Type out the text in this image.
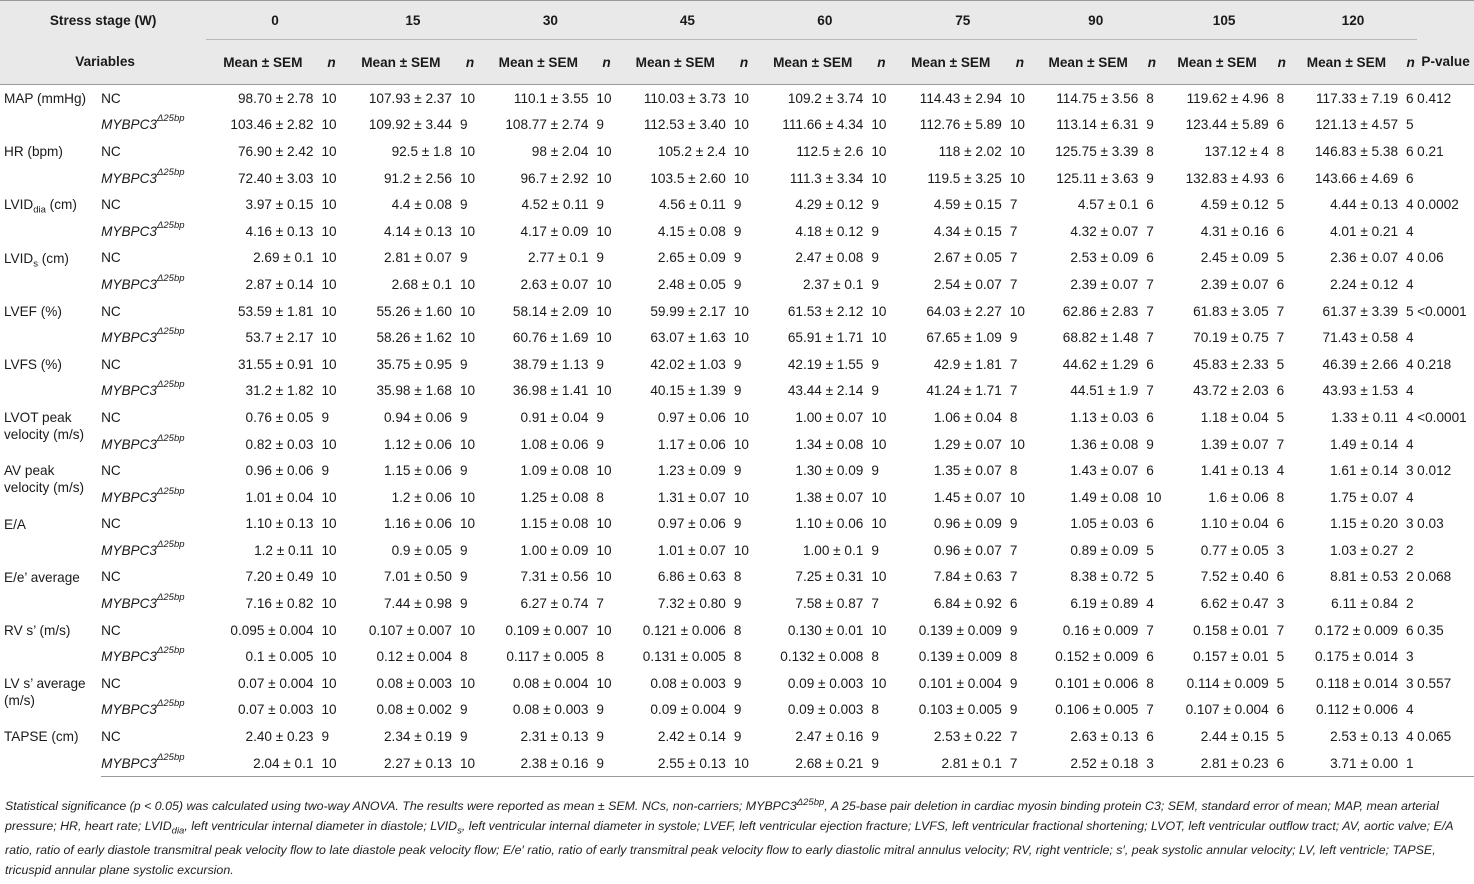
Stress stage (W)		0		15		30		45		60		75		90		105		120		
Variables		Mean ± SEM	n	Mean ± SEM	n	Mean ± SEM	n	Mean ± SEM	n	Mean ± SEM	n	Mean ± SEM	n	Mean ± SEM	n	Mean ± SEM	n	Mean ± SEM	n	P-value
MAP (mmHg)	NC	98.70 ± 2.78	10	107.93 ± 2.37	10	110.1 ± 3.55	10	110.03 ± 3.73	10	109.2 ± 3.74	10	114.43 ± 2.94	10	114.75 ± 3.56	8	119.62 ± 4.96	8	117.33 ± 7.19	6	0.412
	$MYBPC3^{\Delta 25bp}$	103.46 ± 2.82	10	109.92 ± 3.44	9	108.77 ± 2.74	9	112.53 ± 3.40	10	111.66 ± 4.34	10	112.76 ± 5.89	10	113.14 ± 6.31	9	123.44 ± 5.89	6	121.13 ± 4.57	5	
HR (bpm)	NC	76.90 ± 2.42	10	92.5 ± 1.8	10	98 ± 2.04	10	105.2 ± 2.4	10	112.5 ± 2.6	10	118 ± 2.02	10	125.75 ± 3.39	8	137.12 ± 4	8	146.83 ± 5.38	6	0.21
	$MYBPC3^{\Delta 25bp}$	72.40 ± 3.03	10	91.2 ± 2.56	10	96.7 ± 2.92	10	103.5 ± 2.60	10	111.3 ± 3.34	10	119.5 ± 3.25	10	125.11 ± 3.63	9	132.83 ± 4.93	6	143.66 ± 4.69	6	
$LVID_{dia}$ (cm)	NC	3.97 ± 0.15	10	4.4 ± 0.08	9	4.52 ± 0.11	9	4.56 ± 0.11	9	4.29 ± 0.12	9	4.59 ± 0.15	7	4.57 ± 0.1	6	4.59 ± 0.12	5	4.44 ± 0.13	4	0.0002
	$MYBPC3^{\Delta 25bp}$	4.16 ± 0.13	10	4.14 ± 0.13	10	4.17 ± 0.09	10	4.15 ± 0.08	9	4.18 ± 0.12	9	4.34 ± 0.15	7	4.32 ± 0.07	7	4.31 ± 0.16	6	4.01 ± 0.21	4	
$LVID_s$ (cm)	NC	2.69 ± 0.1	10	2.81 ± 0.07	9	2.77 ± 0.1	9	2.65 ± 0.09	9	2.47 ± 0.08	9	2.67 ± 0.05	7	2.53 ± 0.09	6	2.45 ± 0.09	5	2.36 ± 0.07	4	0.06
	$MYBPC3^{\Delta 25bp}$	2.87 ± 0.14	10	2.68 ± 0.1	10	2.63 ± 0.07	10	2.48 ± 0.05	9	2.37 ± 0.1	9	2.54 ± 0.07	7	2.39 ± 0.07	7	2.39 ± 0.07	6	2.24 ± 0.12	4	
LVEF (%)	NC	53.59 ± 1.81	10	55.26 ± 1.60	10	58.14 ± 2.09	10	59.99 ± 2.17	10	61.53 ± 2.12	10	64.03 ± 2.27	10	62.86 ± 2.83	7	61.83 ± 3.05	7	61.37 ± 3.39	5	<0.0001
	$MYBPC3^{\Delta 25bp}$	53.7 ± 2.17	10	58.26 ± 1.62	10	60.76 ± 1.69	10	63.07 ± 1.63	10	65.91 ± 1.71	10	67.65 ± 1.09	9	68.82 ± 1.48	7	70.19 ± 0.75	7	71.43 ± 0.58	4	
LVFS (%)	NC	31.55 ± 0.91	10	35.75 ± 0.95	9	38.79 ± 1.13	9	42.02 ± 1.03	9	42.19 ± 1.55	9	42.9 ± 1.81	7	44.62 ± 1.29	6	45.83 ± 2.33	5	46.39 ± 2.66	4	0.218
	$MYBPC3^{\Delta 25bp}$	31.2 ± 1.82	10	35.98 ± 1.68	10	36.98 ± 1.41	10	40.15 ± 1.39	9	43.44 ± 2.14	9	41.24 ± 1.71	7	44.51 ± 1.9	7	43.72 ± 2.03	6	43.93 ± 1.53	4	
LVOT peak velocity (m/s)	NC	0.76 ± 0.05	9	0.94 ± 0.06	9	0.91 ± 0.04	9	0.97 ± 0.06	10	1.00 ± 0.07	10	1.06 ± 0.04	8	1.13 ± 0.03	6	1.18 ± 0.04	5	1.33 ± 0.11	4	<0.0001
	$MYBPC3^{\Delta 25bp}$	0.82 ± 0.03	10	1.12 ± 0.06	10	1.08 ± 0.06	9	1.17 ± 0.06	10	1.34 ± 0.08	10	1.29 ± 0.07	10	1.36 ± 0.08	9	1.39 ± 0.07	7	1.49 ± 0.14	4	
AV peak velocity (m/s)	NC	0.96 ± 0.06	9	1.15 ± 0.06	9	1.09 ± 0.08	10	1.23 ± 0.09	9	1.30 ± 0.09	9	1.35 ± 0.07	8	1.43 ± 0.07	6	1.41 ± 0.13	4	1.61 ± 0.14	3	0.012
	$MYBPC3^{\Delta 25bp}$	1.01 ± 0.04	10	1.2 ± 0.06	10	1.25 ± 0.08	8	1.31 ± 0.07	10	1.38 ± 0.07	10	1.45 ± 0.07	10	1.49 ± 0.08	10	1.6 ± 0.06	8	1.75 ± 0.07	4	
E/A	NC	1.10 ± 0.13	10	1.16 ± 0.06	10	1.15 ± 0.08	10	0.97 ± 0.06	9	1.10 ± 0.06	10	0.96 ± 0.09	9	1.05 ± 0.03	6	1.10 ± 0.04	6	1.15 ± 0.20	3	0.03
	$MYBPC3^{\Delta 25bp}$	1.2 ± 0.11	10	0.9 ± 0.05	9	1.00 ± 0.09	10	1.01 ± 0.07	10	1.00 ± 0.1	9	0.96 ± 0.07	7	0.89 ± 0.09	5	0.77 ± 0.05	3	1.03 ± 0.27	2	
E/e’ average	NC	7.20 ± 0.49	10	7.01 ± 0.50	9	7.31 ± 0.56	10	6.86 ± 0.63	8	7.25 ± 0.31	10	7.84 ± 0.63	7	8.38 ± 0.72	5	7.52 ± 0.40	6	8.81 ± 0.53	2	0.068
	$MYBPC3^{\Delta 25bp}$	7.16 ± 0.82	10	7.44 ± 0.98	9	6.27 ± 0.74	7	7.32 ± 0.80	9	7.58 ± 0.87	7	6.84 ± 0.92	6	6.19 ± 0.89	4	6.62 ± 0.47	3	6.11 ± 0.84	2	
RV s’ (m/s)	NC	0.095 ± 0.004	10	0.107 ± 0.007	10	0.109 ± 0.007	10	0.121 ± 0.006	8	0.130 ± 0.01	10	0.139 ± 0.009	9	0.16 ± 0.009	7	0.158 ± 0.01	7	0.172 ± 0.009	6	0.35
	$MYBPC3^{\Delta 25bp}$	0.1 ± 0.005	10	0.12 ± 0.004	8	0.117 ± 0.005	8	0.131 ± 0.005	8	0.132 ± 0.008	8	0.139 ± 0.009	8	0.152 ± 0.009	6	0.157 ± 0.01	5	0.175 ± 0.014	3	
LV s’ average (m/s)	NC	0.07 ± 0.004	10	0.08 ± 0.003	10	0.08 ± 0.004	10	0.08 ± 0.003	9	0.09 ± 0.003	10	0.101 ± 0.004	9	0.101 ± 0.006	8	0.114 ± 0.009	5	0.118 ± 0.014	3	0.557
	$MYBPC3^{\Delta 25bp}$	0.07 ± 0.003	10	0.08 ± 0.002	9	0.08 ± 0.003	9	0.09 ± 0.004	9	0.09 ± 0.003	8	0.103 ± 0.005	9	0.106 ± 0.005	7	0.107 ± 0.004	6	0.112 ± 0.006	4	
TAPSE (cm)	NC	2.40 ± 0.23	9	2.34 ± 0.19	9	2.31 ± 0.13	9	2.42 ± 0.14	9	2.47 ± 0.16	9	2.53 ± 0.22	7	2.63 ± 0.13	6	2.44 ± 0.15	5	2.53 ± 0.13	4	0.065
	$MYBPC3^{\Delta 25bp}$	2.04 ± 0.1	10	2.27 ± 0.13	10	2.38 ± 0.16	9	2.55 ± 0.13	10	2.68 ± 0.21	9	2.81 ± 0.1	7	2.52 ± 0.18	3	2.81 ± 0.23	6	3.71 ± 0.00	1	
Statistical significance (p < 0.05) was calculated using two-way ANOVA. The results were reported as mean ± SEM. NCs, non-carriers; $MYBPC3^{\Delta 25bp}$, A 25-base pair deletion in cardiac myosin binding protein C3; SEM, standard error of mean; MAP, mean arterial pressure; HR, heart rate; $LVID_{dia}$, left ventricular internal diameter in diastole; $LVID_s$, left ventricular internal diameter in systole; LVEF, left ventricular ejection fracture; LVFS, left ventricular fractional shortening; LVOT, left ventricular outflow tract; AV, aortic valve; E/A ratio, ratio of early diastole transmitral peak velocity flow to late diastole peak velocity flow; E/e′ ratio, ratio of early transmitral peak velocity flow to early diastolic mitral annulus velocity; RV, right ventricle; s′, peak systolic annular velocity; LV, left ventricle; TAPSE, tricuspid annular plane systolic excursion.
